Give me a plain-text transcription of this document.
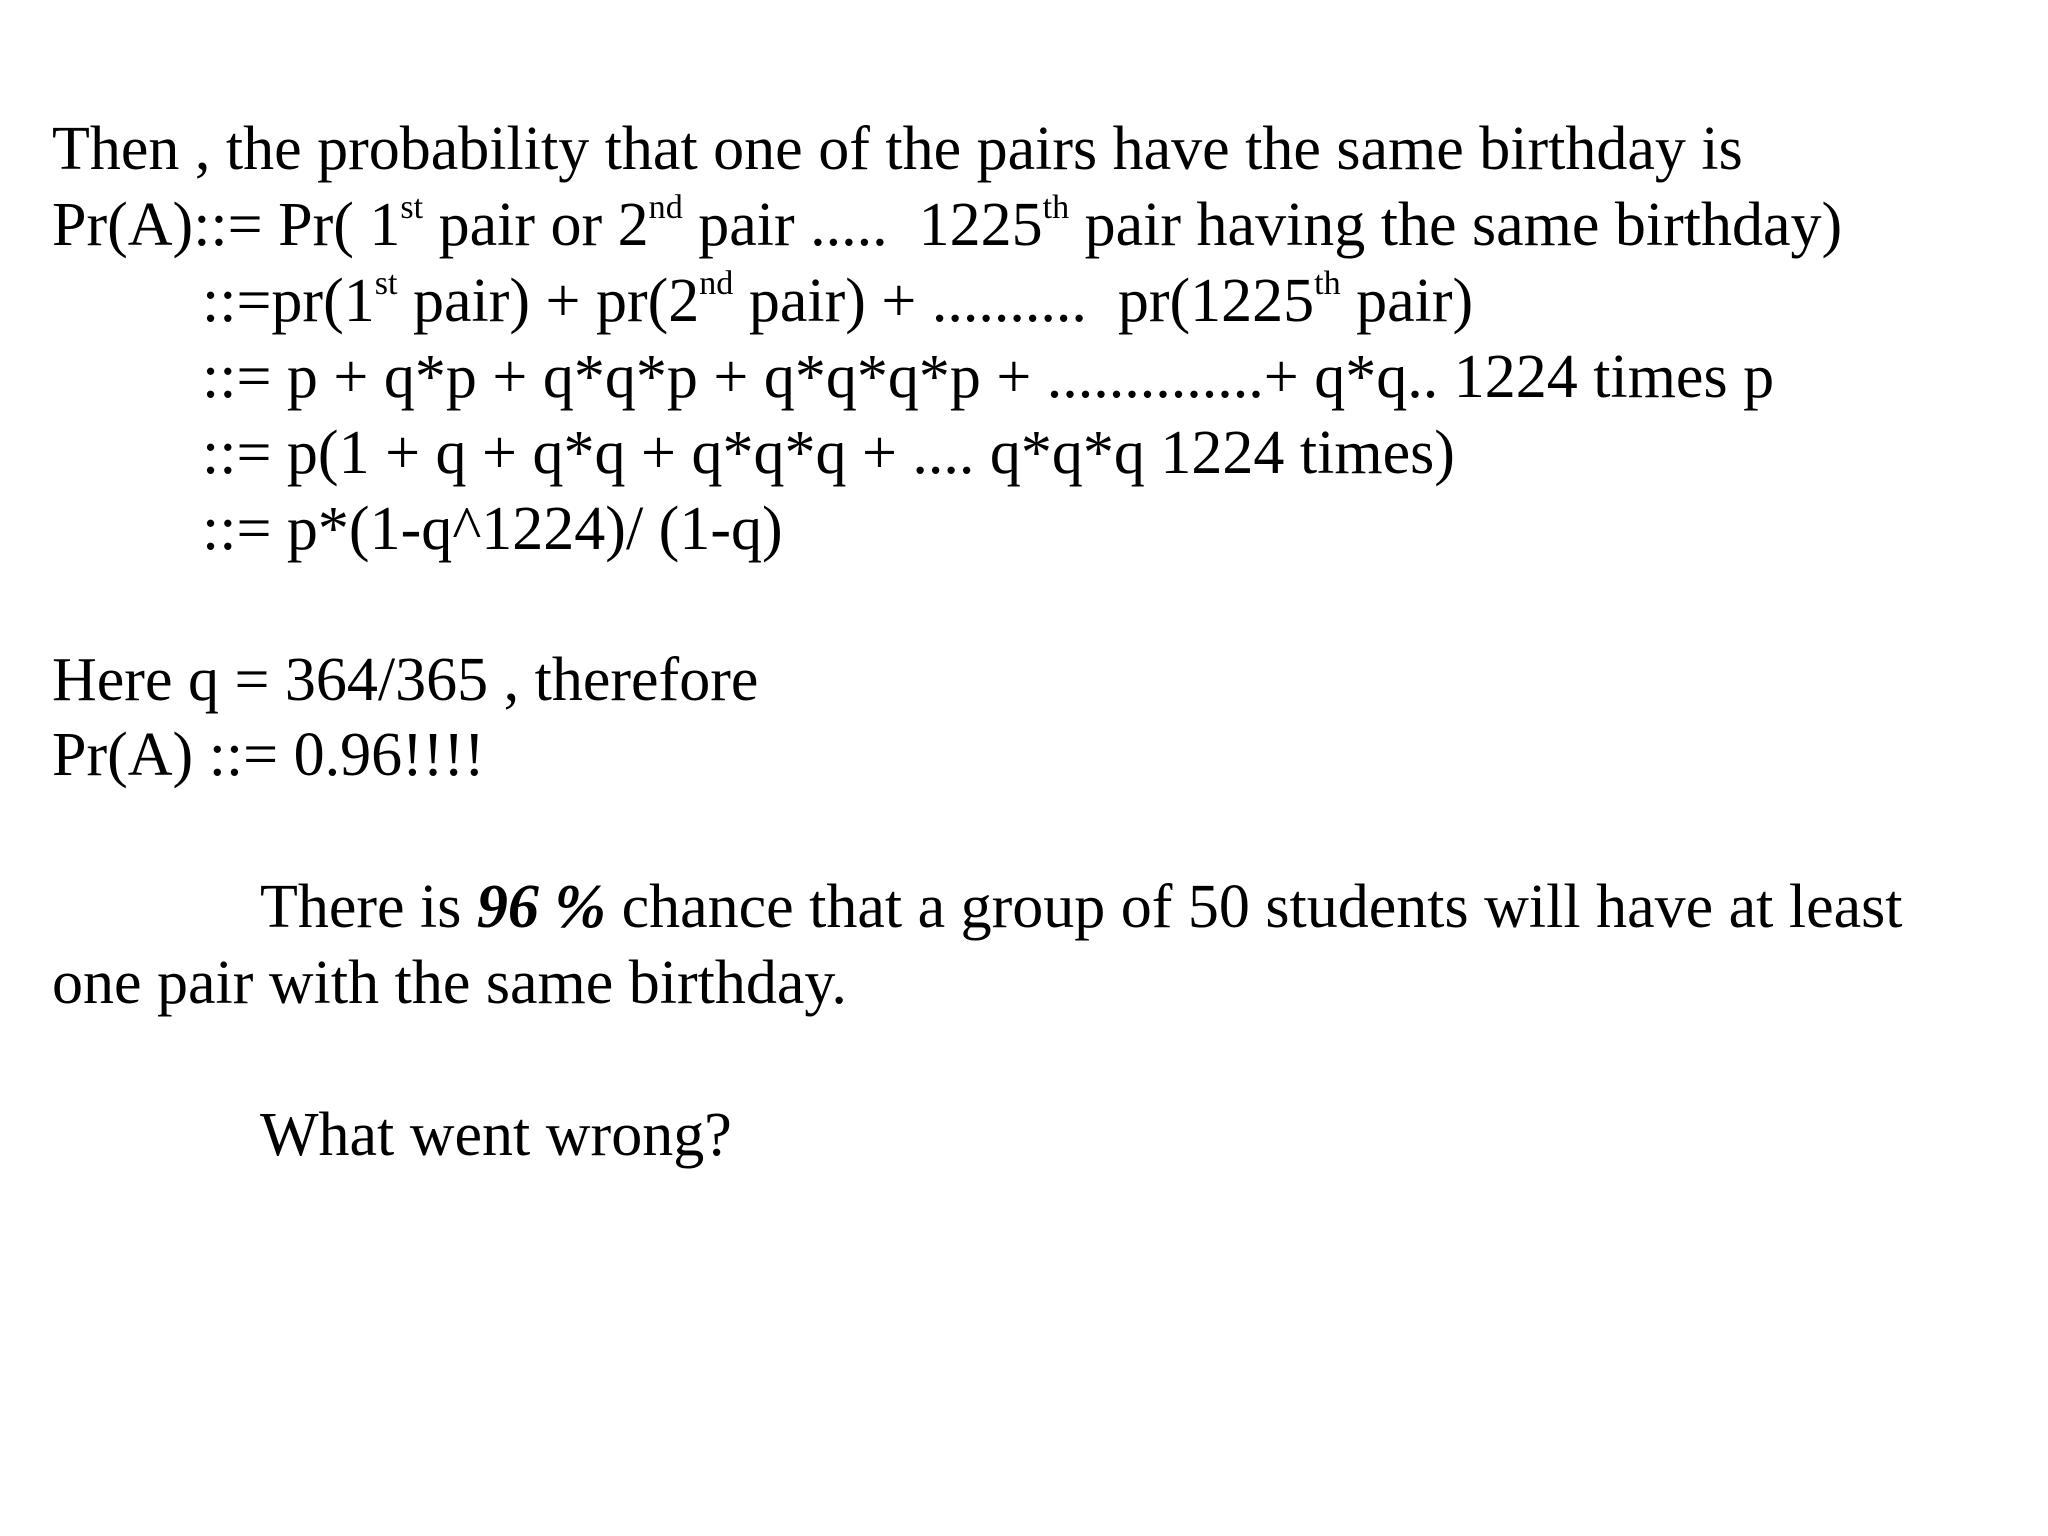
Then , the probability that one of the pairs have the same birthday is
Pr(A)::= Pr( 1st pair or 2nd pair .....  1225th pair having the same birthday)
::=pr(1st pair) + pr(2nd pair) + ..........  pr(1225th pair)
::= p + q*p + q*q*p + q*q*q*p + ..............+ q*q.. 1224 times p
::= p(1 + q + q*q + q*q*q + .... q*q*q 1224 times)
::= p*(1-q^1224)/ (1-q)
Here q = 364/365 , therefore
Pr(A) ::= 0.96!!!!
There is 96 % chance that a group of 50 students will have at least
one pair with the same birthday.
What went wrong?
